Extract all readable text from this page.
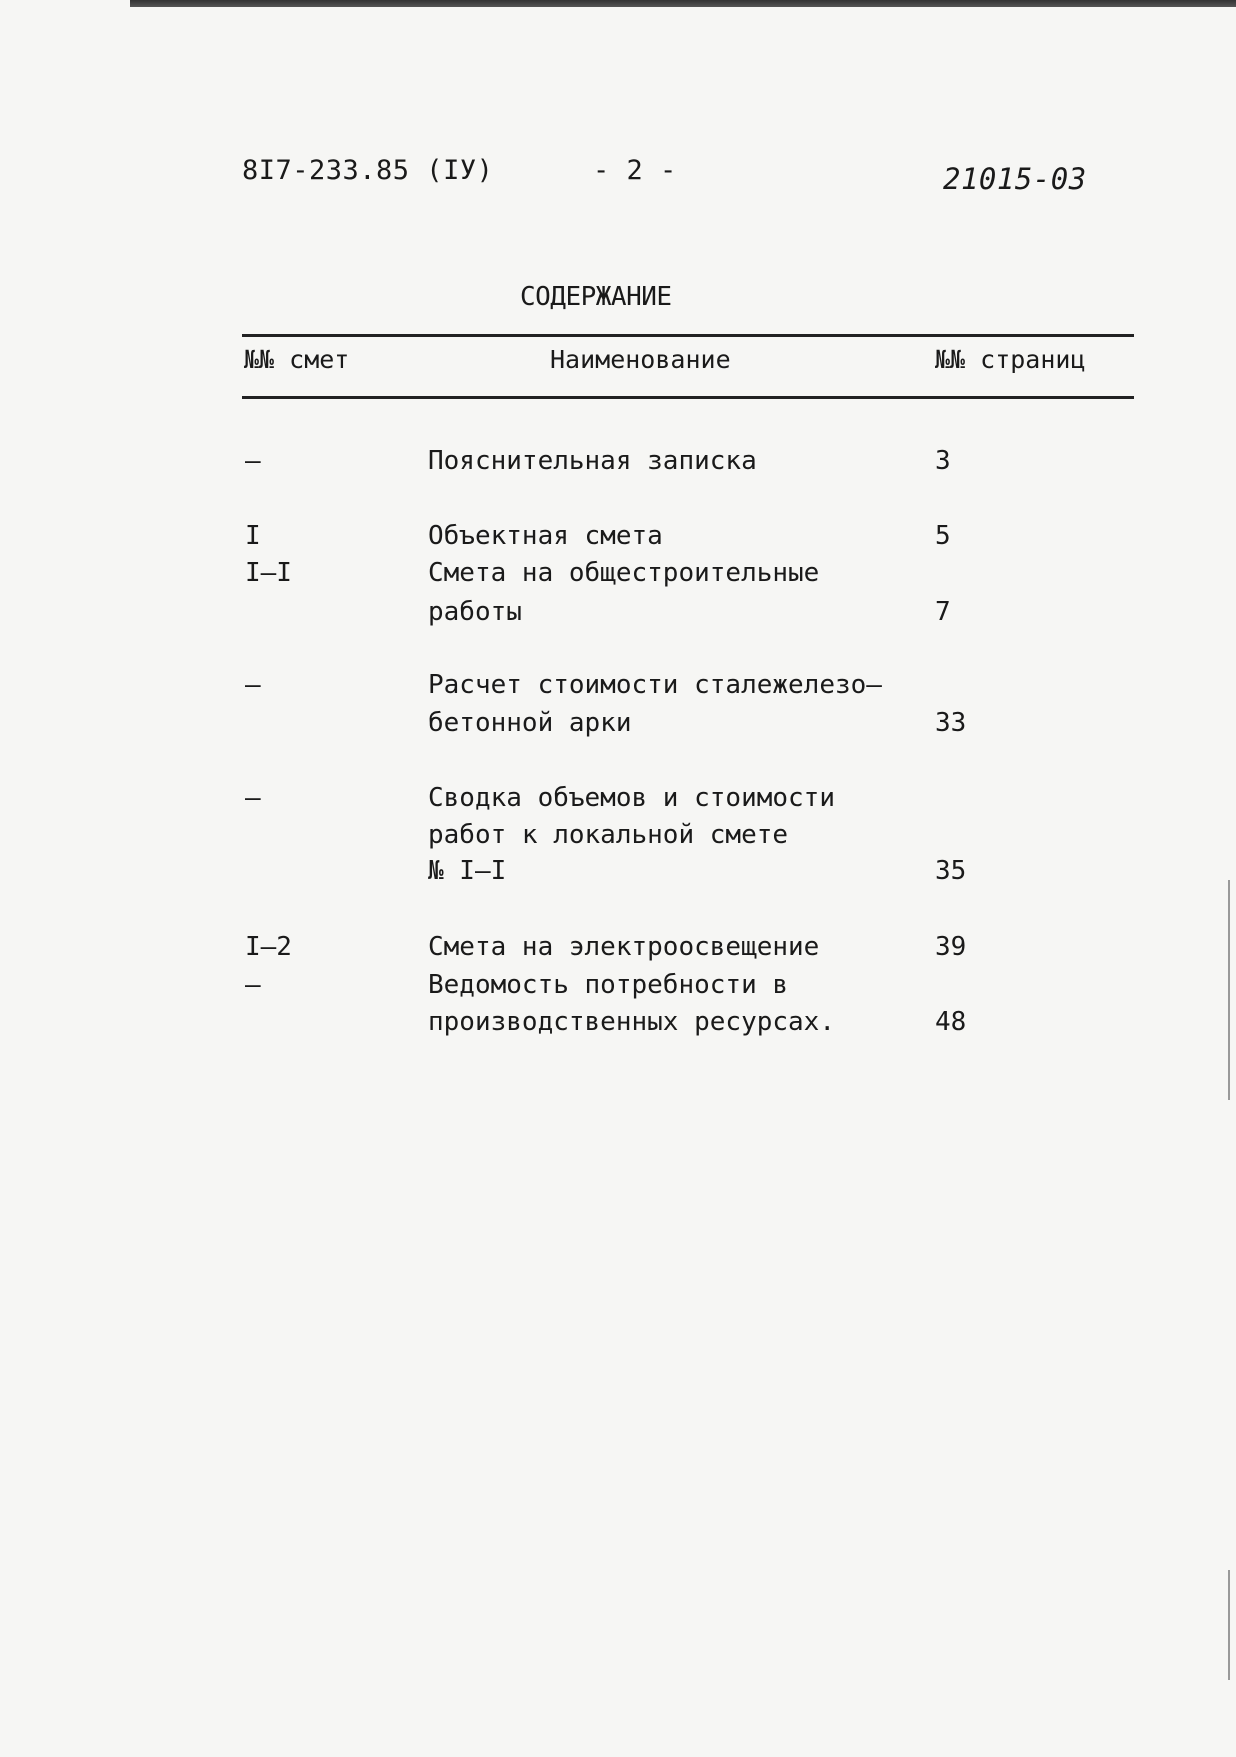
8I7-233.85 (IУ)	- 2 -	21015-03
СОДЕРЖАНИЕ
№№ смет	Наименование	№№ страниц
–	Пояснительная записка	3
I	Объектная смета	5
I–I	Смета на общестроительные
работы	7
–	Расчет стоимости сталежелезо–
бетонной арки	33
–	Сводка объемов и стоимости
работ к локальной смете
№ I–I	35
I–2	Смета на электроосвещение	39
–	Ведомость потребности в
производственных ресурсах.	48
